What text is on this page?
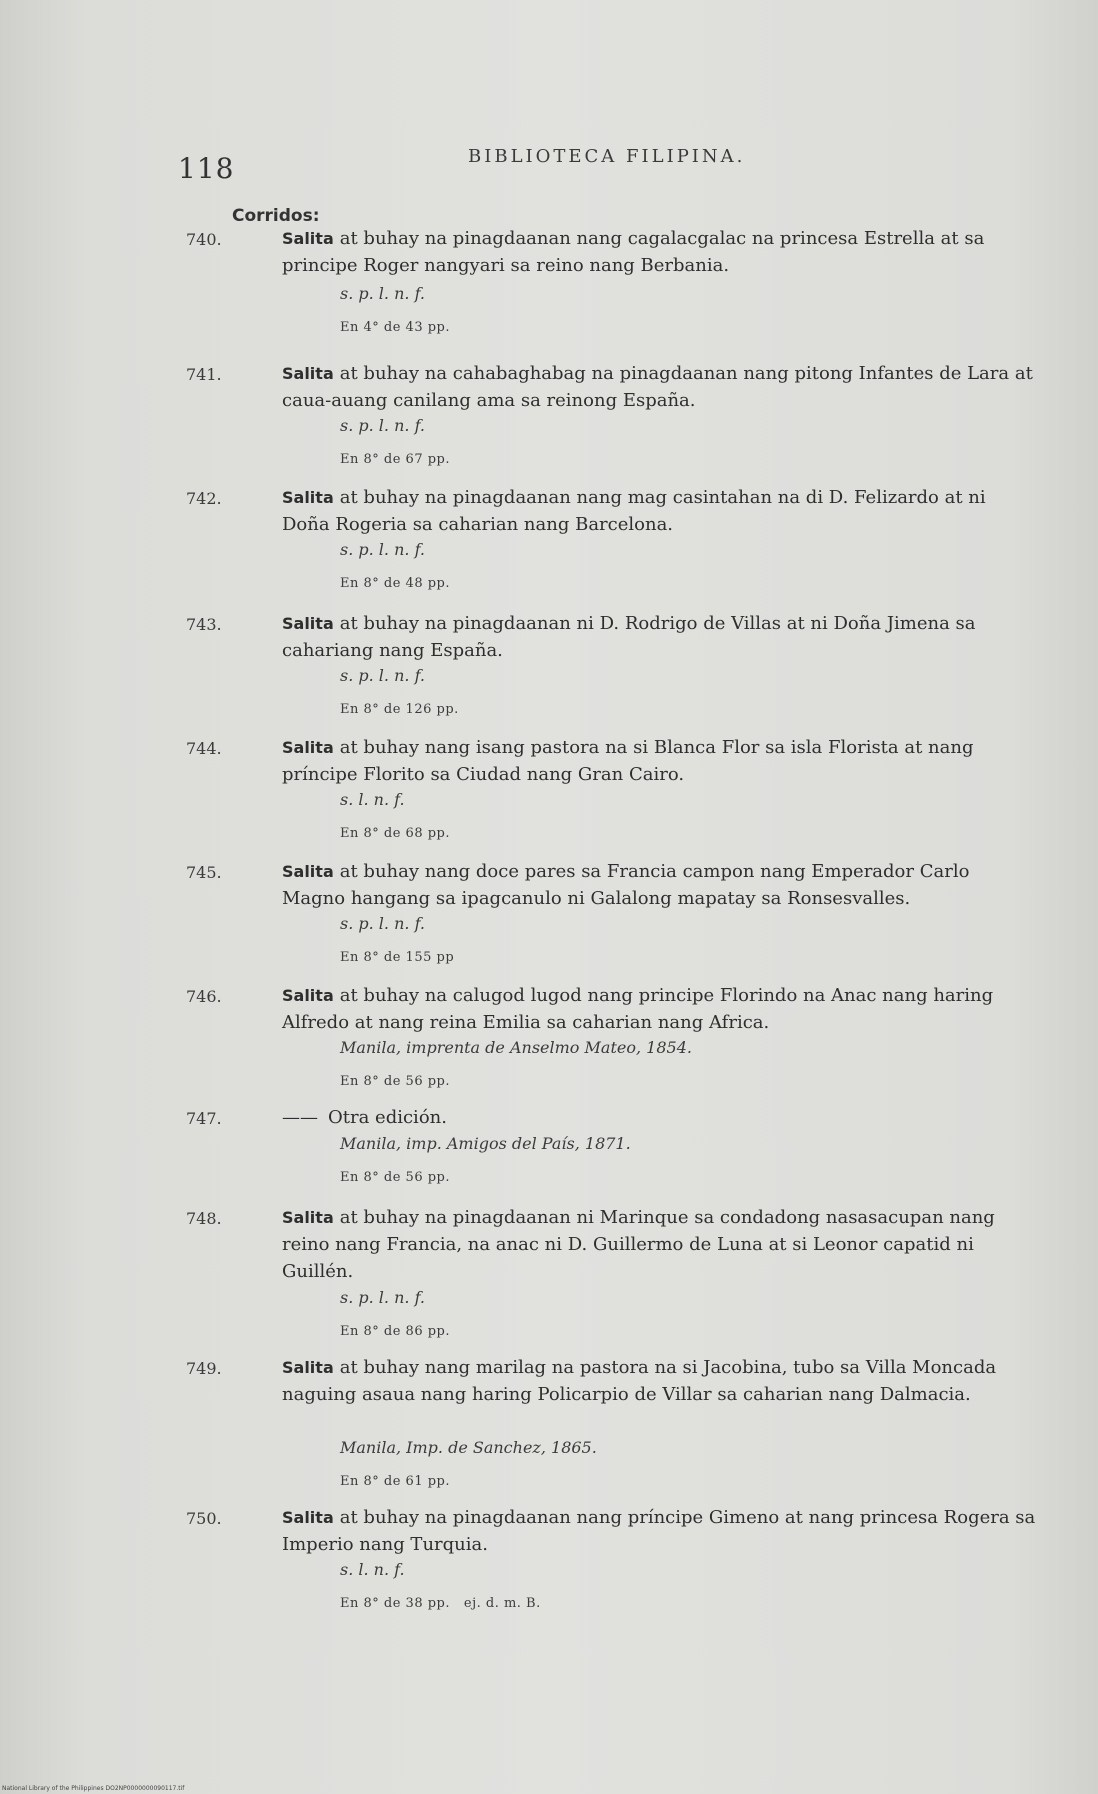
118	BIBLIOTECA FILIPINA.
Corridos:
740.	Salita at buhay na pinagdaanan nang cagalacgalac na princesa Estrella at sa principe Roger nangyari sa reino nang Berbania.
s. p. l. n. f.
En 4° de 43 pp.
741.	Salita at buhay na cahabaghabag na pinagdaanan nang pitong Infantes de Lara at caua-auang canilang ama sa reinong España.
s. p. l. n. f.
En 8° de 67 pp.
742.	Salita at buhay na pinagdaanan nang mag casintahan na di D. Felizardo at ni Doña Rogeria sa caharian nang Barcelona.
s. p. l. n. f.
En 8° de 48 pp.
743.	Salita at buhay na pinagdaanan ni D. Rodrigo de Villas at ni Doña Jimena sa cahariang nang España.
s. p. l. n. f.
En 8° de 126 pp.
744.	Salita at buhay nang isang pastora na si Blanca Flor sa isla Florista at nang príncipe Florito sa Ciudad nang Gran Cairo.
s. l. n. f.
En 8° de 68 pp.
745.	Salita at buhay nang doce pares sa Francia campon nang Emperador Carlo Magno hangang sa ipagcanulo ni Galalong mapatay sa Ronsesvalles.
s. p. l. n. f.
En 8° de 155 pp
746.	Salita at buhay na calugod lugod nang principe Florindo na Anac nang haring Alfredo at nang reina Emilia sa caharian nang Africa.
Manila, imprenta de Anselmo Mateo, 1854.
En 8° de 56 pp.
747.	—— Otra edición.
Manila, imp. Amigos del País, 1871.
En 8° de 56 pp.
748.	Salita at buhay na pinagdaanan ni Marinque sa condadong nasasacupan nang reino nang Francia, na anac ni D. Guillermo de Luna at si Leonor capatid ni Guillén.
s. p. l. n. f.
En 8° de 86 pp.
749.	Salita at buhay nang marilag na pastora na si Jacobina, tubo sa Villa Moncada naguing asaua nang haring Policarpio de Villar sa caharian nang Dalmacia.
Manila, Imp. de Sanchez, 1865.
En 8° de 61 pp.
750.	Salita at buhay na pinagdaanan nang príncipe Gimeno at nang princesa Rogera sa Imperio nang Turquia.
s. l. n. f.
En 8° de 38 pp.   ej. d. m. B.
National Library of the Philippines DO2NP0000000090117.tif
